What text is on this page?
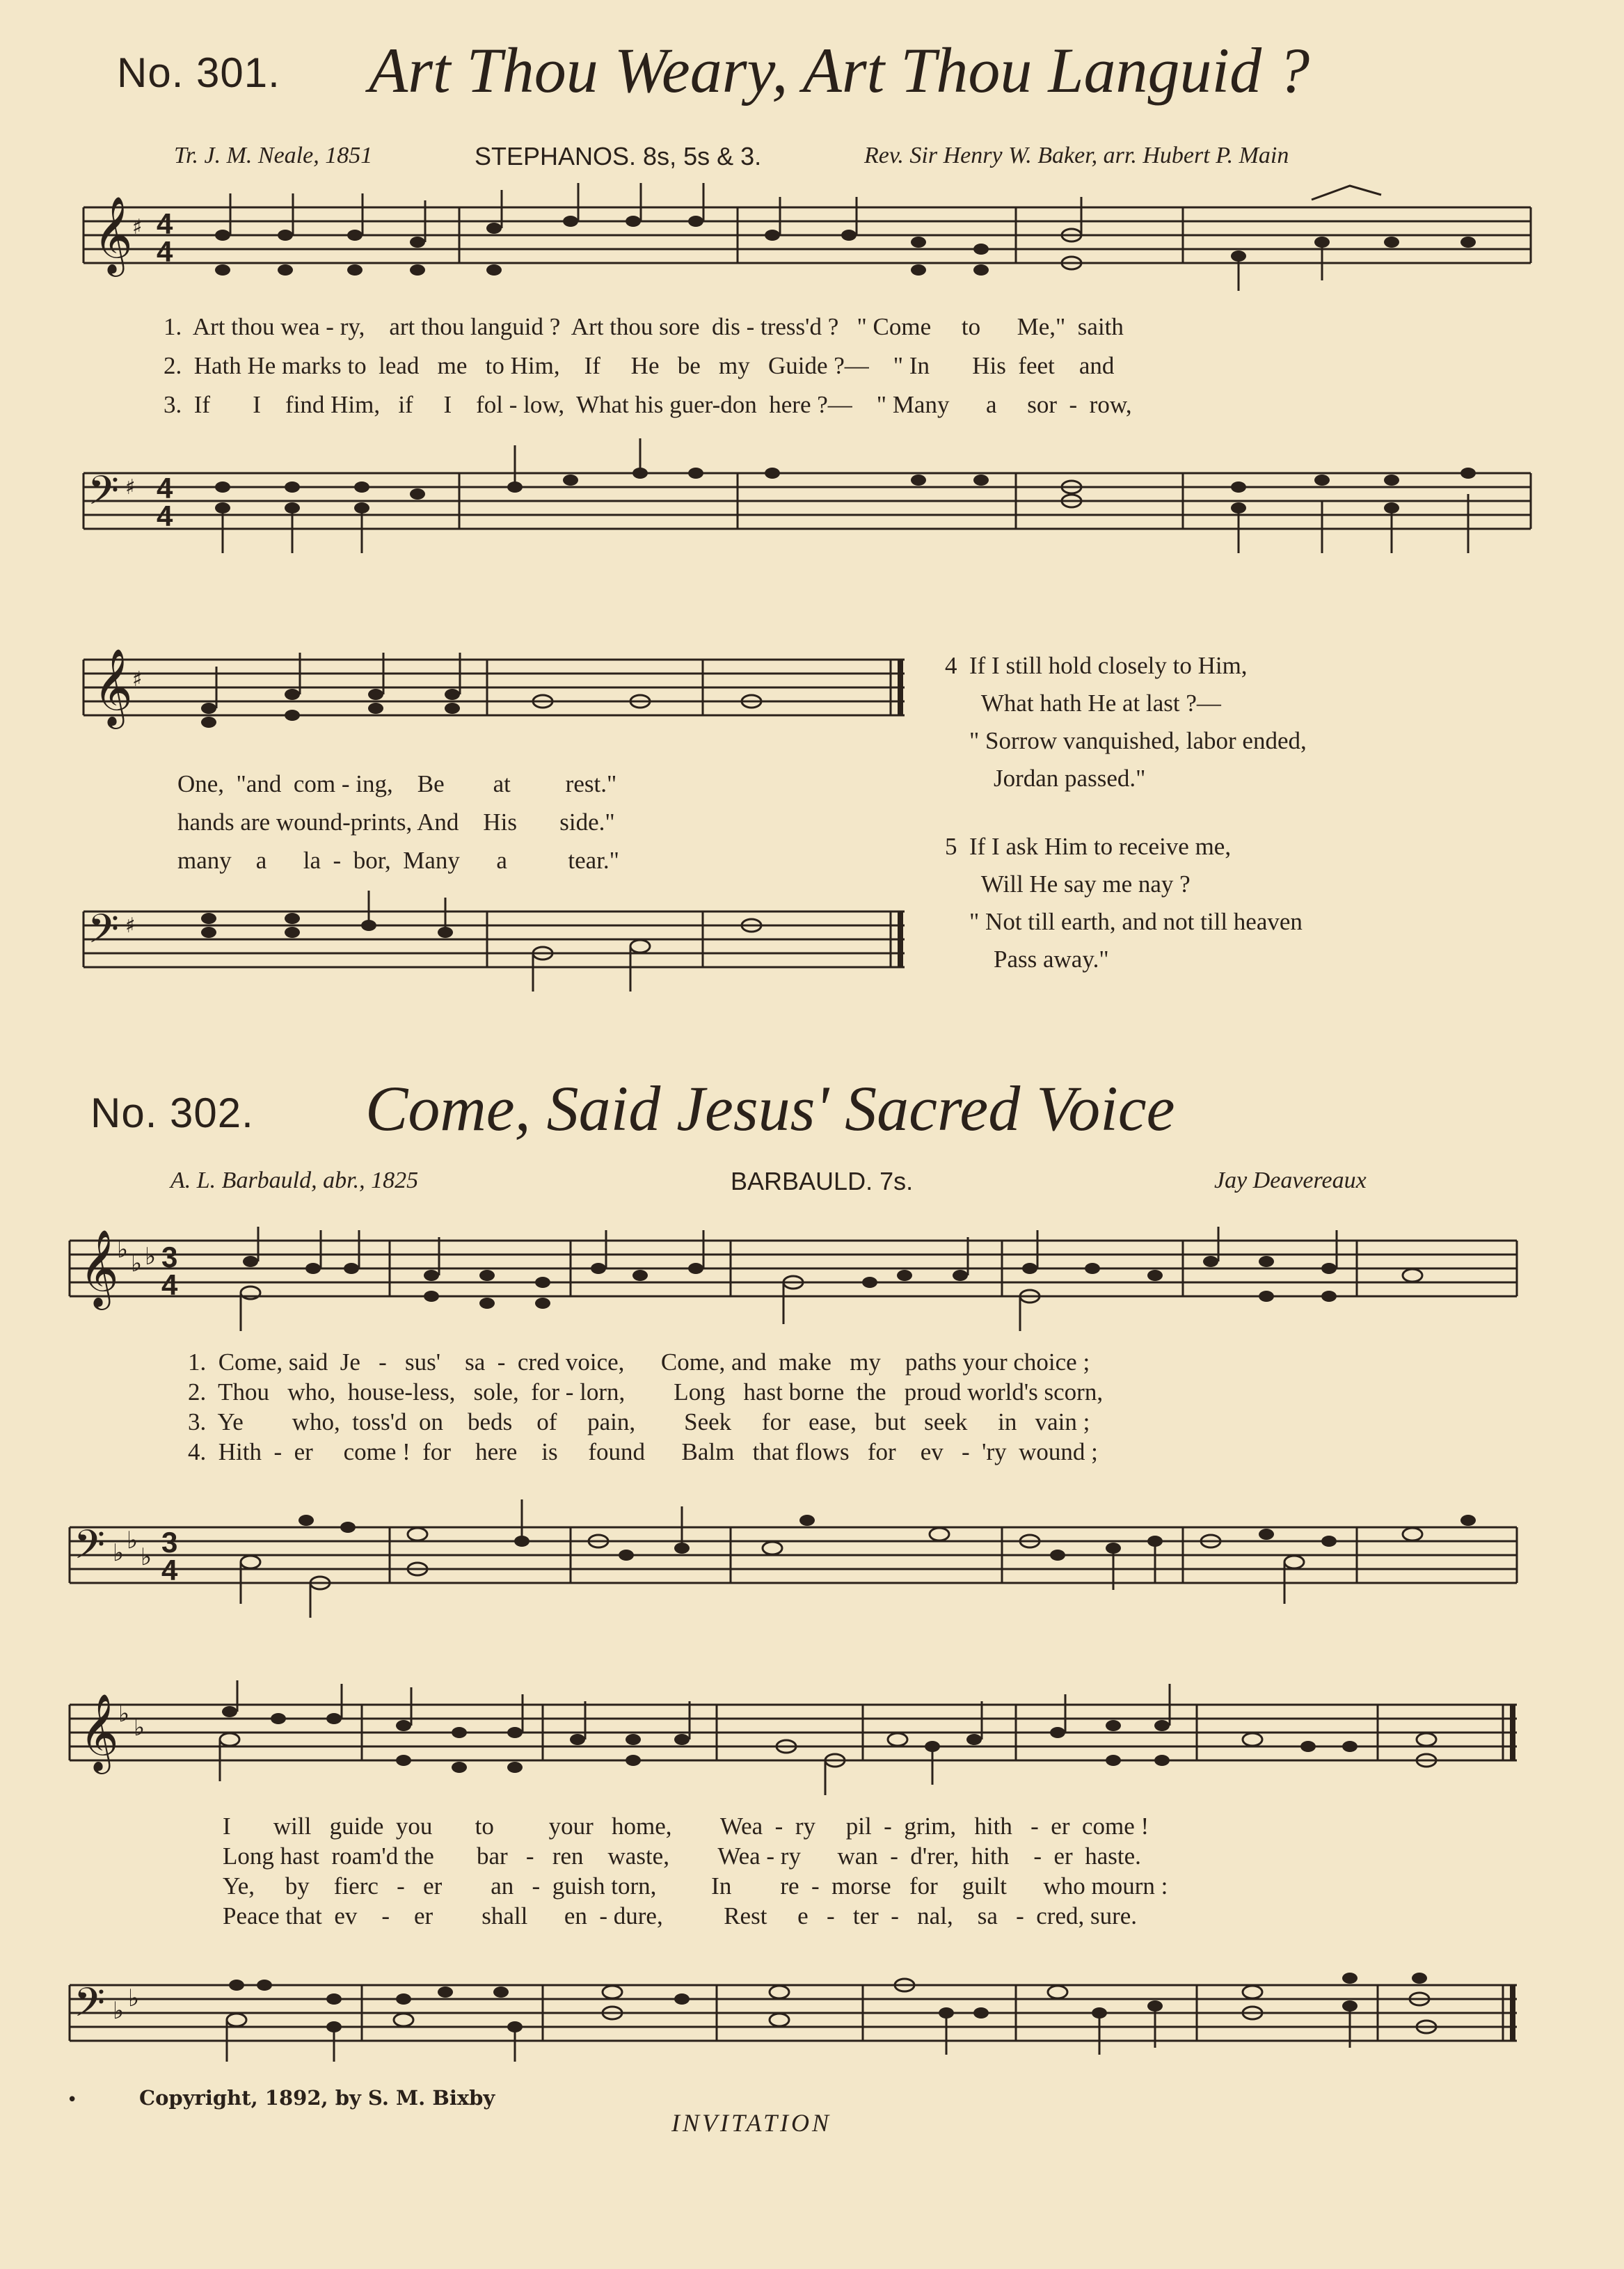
No. 301. Art Thou Weary, Art Thou Languid ?
Tr. J. M. Neale, 1851	STEPHANOS. 8s, 5s & 3.	Rev. Sir Henry W. Baker, arr. Hubert P. Main
𝄞 ♯ 4
4
1.  Art thou wea - ry,    art thou languid ?  Art thou sore  dis - tress'd ?   " Come     to      Me,"  saith
2.  Hath He marks to  lead   me   to Him,    If     He   be   my   Guide ?—    " In       His  feet    and
3.  If       I    find Him,   if     I    fol - low,  What his guer-don  here ?—    " Many      a     sor  -  row,
𝄢 ♯ 4
4
𝄞 ♯
One,  "and  com - ing,    Be        at         rest."
hands are wound-prints, And    His       side."
many    a      la  -  bor,  Many      a          tear."
𝄢 ♯
4  If I still hold closely to Him,
What hath He at last ?—
" Sorrow vanquished, labor ended,
Jordan passed."
5  If I ask Him to receive me,
Will He say me nay ?
" Not till earth, and not till heaven
Pass away."
No. 302. Come, Said Jesus' Sacred Voice
A. L. Barbauld, abr., 1825	BARBAULD. 7s.	Jay Deavereaux
𝄞
♭ ♭ ♭ 3
4
1.  Come, said  Je   -   sus'    sa  -  cred voice,      Come, and  make   my    paths your choice ;
2.  Thou   who,  house-less,   sole,  for - lorn,        Long   hast borne  the   proud world's scorn,
3.  Ye        who,  toss'd  on    beds    of     pain,        Seek     for   ease,   but   seek     in   vain ;
4.  Hith  -  er     come !  for    here    is     found      Balm   that flows   for    ev   -  'ry  wound ;
𝄢 ♭ ♭
♭ 3
4
𝄞 ♭ ♭
I       will   guide  you       to         your   home,        Wea  -  ry     pil  -  grim,   hith   -  er  come !
Long hast  roam'd the       bar   -   ren    waste,        Wea - ry      wan  -  d'rer,  hith    -  er  haste.
Ye,     by    fierc   -   er        an   -  guish torn,         In        re  -  morse   for    guilt      who mourn :
Peace that  ev    -    er        shall      en  - dure,          Rest     e   -   ter  -   nal,    sa   -  cred, sure.
𝄢 ♭ ♭
•	Copyright, 1892, by S. M. Bixby
INVITATION
